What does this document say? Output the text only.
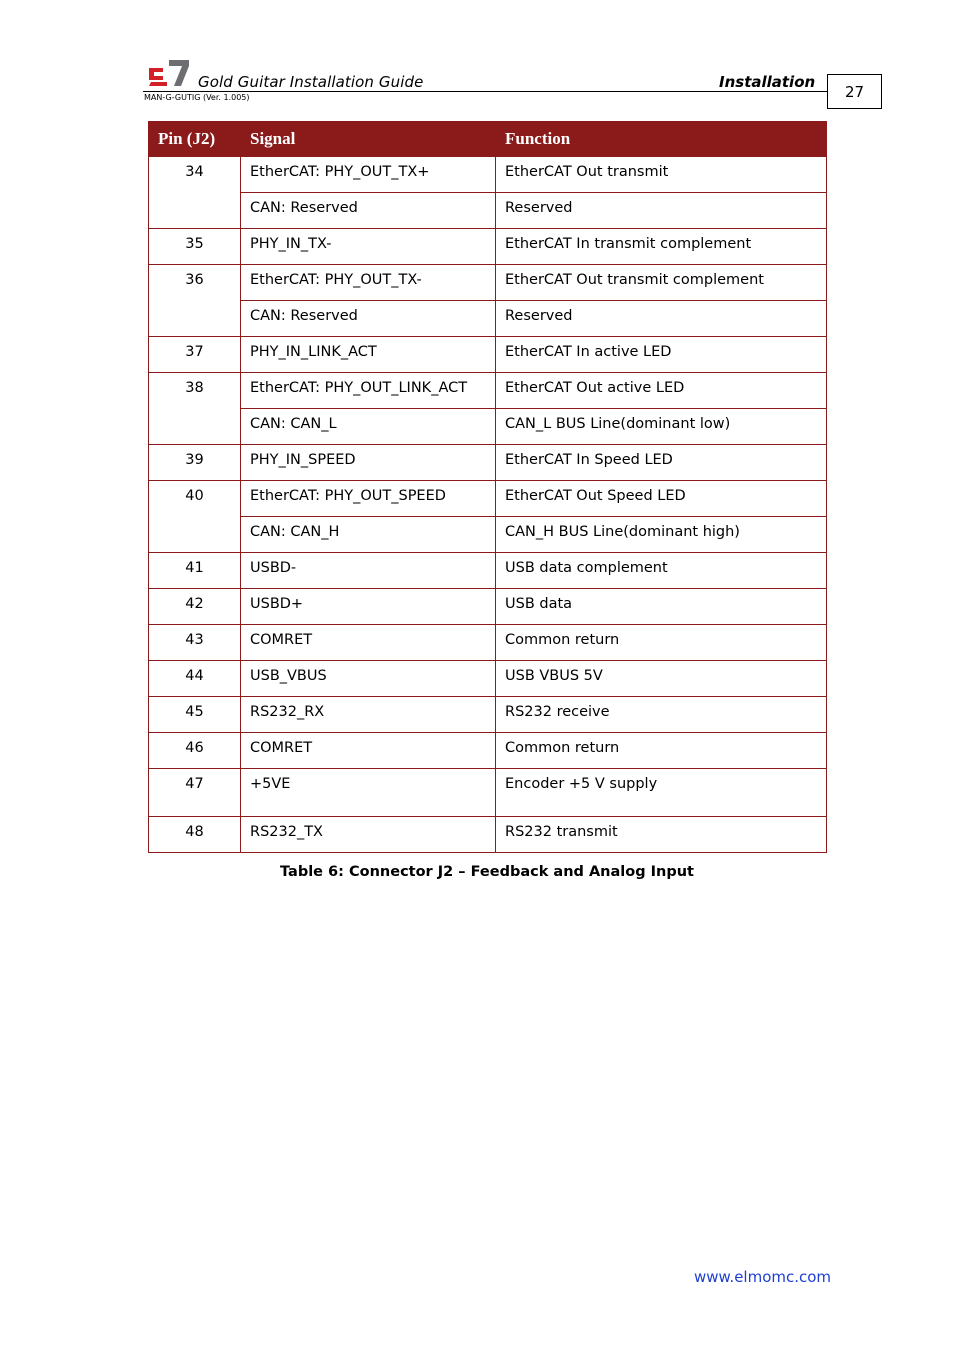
Gold Guitar Installation Guide	Installation
MAN-G-GUTIG (Ver. 1.005)	27
Pin (J2)	Signal	Function
34	EtherCAT: PHY_OUT_TX+	EtherCAT Out transmit
	CAN: Reserved	Reserved
35	PHY_IN_TX-	EtherCAT In transmit complement
36	EtherCAT: PHY_OUT_TX-	EtherCAT Out transmit complement
	CAN: Reserved	Reserved
37	PHY_IN_LINK_ACT	EtherCAT In active LED
38	EtherCAT: PHY_OUT_LINK_ACT	EtherCAT Out active LED
	CAN: CAN_L	CAN_L BUS Line(dominant low)
39	PHY_IN_SPEED	EtherCAT In Speed LED
40	EtherCAT: PHY_OUT_SPEED	EtherCAT Out Speed LED
	CAN: CAN_H	CAN_H BUS Line(dominant high)
41	USBD-	USB data complement
42	USBD+	USB data
43	COMRET	Common return
44	USB_VBUS	USB VBUS 5V
45	RS232_RX	RS232 receive
46	COMRET	Common return
47	+5VE	Encoder +5 V supply
48	RS232_TX	RS232 transmit
Table 6: Connector J2 – Feedback and Analog Input
www.elmomc.com
